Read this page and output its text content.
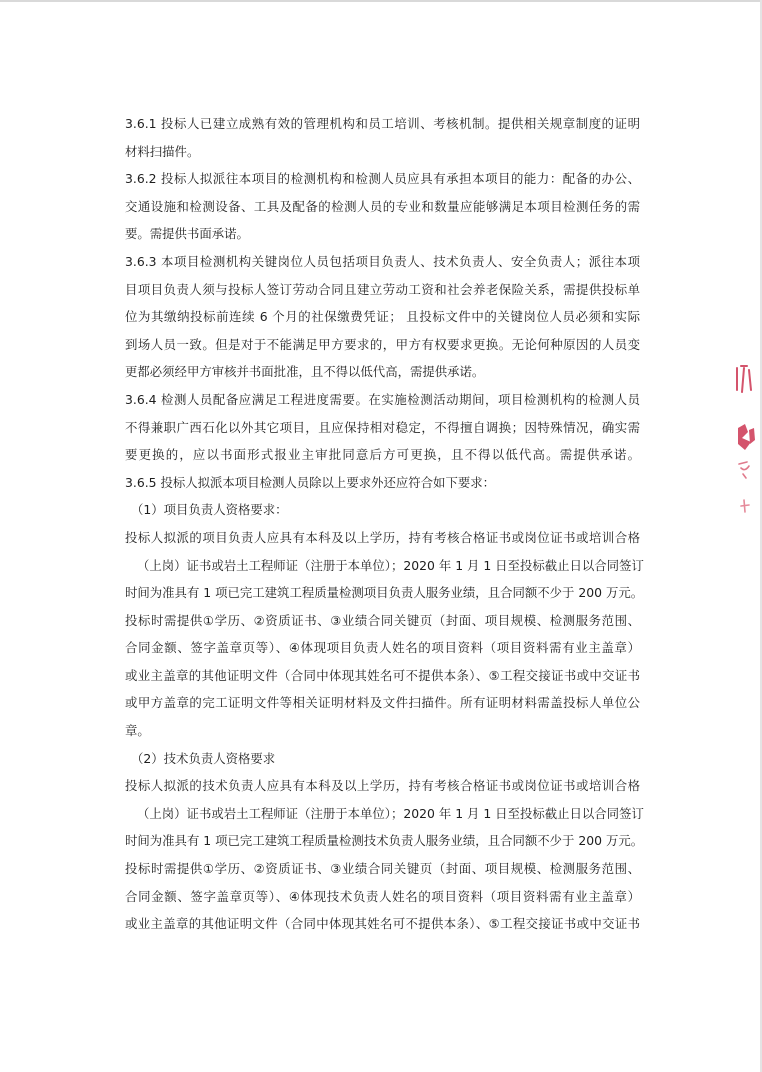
3.6.1 投标人已建立成熟有效的管理机构和员工培训、考核机制。提供相关规章制度的证明
材料扫描件。
3.6.2 投标人拟派往本项目的检测机构和检测人员应具有承担本项目的能力：配备的办公、
交通设施和检测设备、工具及配备的检测人员的专业和数量应能够满足本项目检测任务的需
要。需提供书面承诺。
3.6.3 本项目检测机构关键岗位人员包括项目负责人、技术负责人、安全负责人；派往本项
目项目负责人须与投标人签订劳动合同且建立劳动工资和社会养老保险关系，需提供投标单
位为其缴纳投标前连续 6 个月的社保缴费凭证； 且投标文件中的关键岗位人员必须和实际
到场人员一致。但是对于不能满足甲方要求的，甲方有权要求更换。无论何种原因的人员变
更都必须经甲方审核并书面批准，且不得以低代高，需提供承诺。
3.6.4 检测人员配备应满足工程进度需要。在实施检测活动期间，项目检测机构的检测人员
不得兼职广西石化以外其它项目，且应保持相对稳定，不得擅自调换；因特殊情况，确实需
要更换的，应以书面形式报业主审批同意后方可更换，且不得以低代高。需提供承诺。
3.6.5 投标人拟派本项目检测人员除以上要求外还应符合如下要求：
（1）项目负责人资格要求：
投标人拟派的项目负责人应具有本科及以上学历，持有考核合格证书或岗位证书或培训合格
（上岗）证书或岩土工程师证（注册于本单位）；2020 年 1 月 1 日至投标截止日以合同签订
时间为准具有 1 项已完工建筑工程质量检测项目负责人服务业绩，且合同额不少于 200 万元。
投标时需提供①学历、②资质证书、③业绩合同关键页（封面、项目规模、检测服务范围、
合同金额、签字盖章页等）、④体现项目负责人姓名的项目资料（项目资料需有业主盖章）
或业主盖章的其他证明文件（合同中体现其姓名可不提供本条）、⑤工程交接证书或中交证书
或甲方盖章的完工证明文件等相关证明材料及文件扫描件。所有证明材料需盖投标人单位公
章。
（2）技术负责人资格要求
投标人拟派的技术负责人应具有本科及以上学历，持有考核合格证书或岗位证书或培训合格
（上岗）证书或岩土工程师证（注册于本单位）；2020 年 1 月 1 日至投标截止日以合同签订
时间为准具有 1 项已完工建筑工程质量检测技术负责人服务业绩，且合同额不少于 200 万元。
投标时需提供①学历、②资质证书、③业绩合同关键页（封面、项目规模、检测服务范围、
合同金额、签字盖章页等）、④体现技术负责人姓名的项目资料（项目资料需有业主盖章）
或业主盖章的其他证明文件（合同中体现其姓名可不提供本条）、⑤工程交接证书或中交证书
